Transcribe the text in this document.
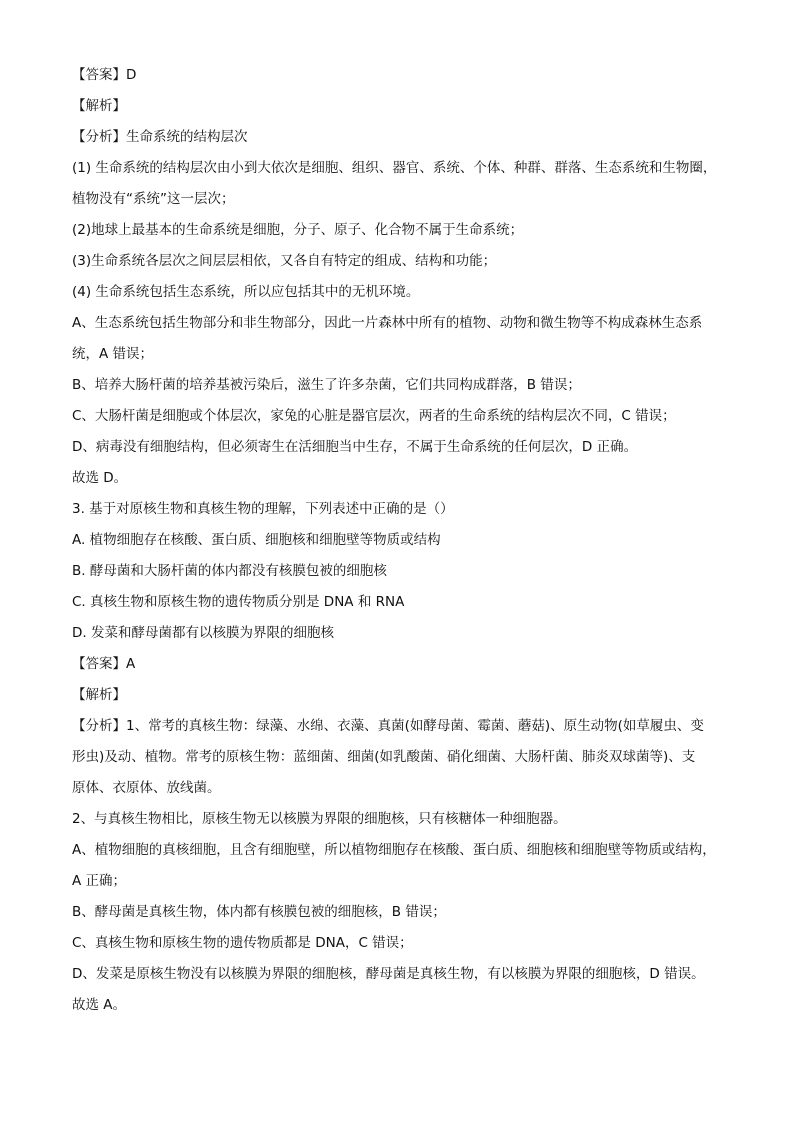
【答案】D
【解析】
【分析】生命系统的结构层次
(1) 生命系统的结构层次由小到大依次是细胞、组织、器官、系统、个体、种群、群落、生态系统和生物圈，
植物没有“系统”这一层次；
(2)地球上最基本的生命系统是细胞，分子、原子、化合物不属于生命系统；
(3)生命系统各层次之间层层相依，又各自有特定的组成、结构和功能；
(4) 生命系统包括生态系统，所以应包括其中的无机环境。
A、生态系统包括生物部分和非生物部分，因此一片森林中所有的植物、动物和微生物等不构成森林生态系
统，A 错误；
B、培养大肠杆菌的培养基被污染后，滋生了许多杂菌，它们共同构成群落，B 错误；
C、大肠杆菌是细胞或个体层次，家兔的心脏是器官层次，两者的生命系统的结构层次不同，C 错误；
D、病毒没有细胞结构，但必须寄生在活细胞当中生存，不属于生命系统的任何层次，D 正确。
故选 D。
3. 基于对原核生物和真核生物的理解，下列表述中正确的是（）
A. 植物细胞存在核酸、蛋白质、细胞核和细胞壁等物质或结构
B. 酵母菌和大肠杆菌的体内都没有核膜包被的细胞核
C. 真核生物和原核生物的遗传物质分别是 DNA 和 RNA
D. 发菜和酵母菌都有以核膜为界限的细胞核
【答案】A
【解析】
【分析】1、常考的真核生物：绿藻、水绵、衣藻、真菌(如酵母菌、霉菌、蘑菇)、原生动物(如草履虫、变
形虫)及动、植物。常考的原核生物：蓝细菌、细菌(如乳酸菌、硝化细菌、大肠杆菌、肺炎双球菌等)、支
原体、衣原体、放线菌。
2、与真核生物相比，原核生物无以核膜为界限的细胞核，只有核糖体一种细胞器。
A、植物细胞的真核细胞，且含有细胞壁，所以植物细胞存在核酸、蛋白质、细胞核和细胞壁等物质或结构，
A 正确；
B、酵母菌是真核生物，体内都有核膜包被的细胞核，B 错误；
C、真核生物和原核生物的遗传物质都是 DNA，C 错误；
D、发菜是原核生物没有以核膜为界限的细胞核，酵母菌是真核生物，有以核膜为界限的细胞核，D 错误。
故选 A。
